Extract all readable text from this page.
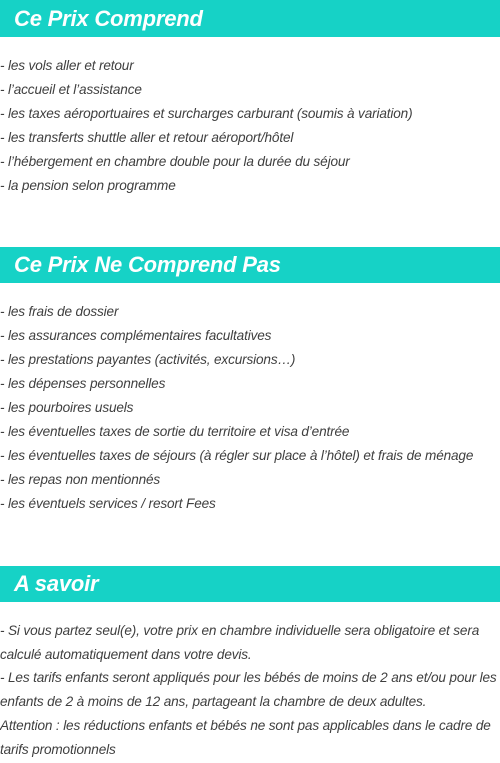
Ce Prix Comprend
- les vols aller et retour
- l’accueil et l’assistance
- les taxes aéroportuaires et surcharges carburant (soumis à variation)
- les transferts shuttle aller et retour aéroport/hôtel
- l’hébergement en chambre double pour la durée du séjour
- la pension selon programme
Ce Prix Ne Comprend Pas
- les frais de dossier
- les assurances complémentaires facultatives
- les prestations payantes (activités, excursions…)
- les dépenses personnelles
- les pourboires usuels
- les éventuelles taxes de sortie du territoire et visa d’entrée
- les éventuelles taxes de séjours (à régler sur place à l’hôtel) et frais de ménage
- les repas non mentionnés
- les éventuels services / resort Fees
A savoir

- Si vous partez seul(e), votre prix en chambre individuelle sera obligatoire et sera calculé automatiquement dans votre devis.

- Les tarifs enfants seront appliqués pour les bébés de moins de 2 ans et/ou pour les enfants de 2 à moins de 12 ans, partageant la chambre de deux adultes.

Attention : les réductions enfants et bébés ne sont pas applicables dans le cadre de tarifs promotionnels
